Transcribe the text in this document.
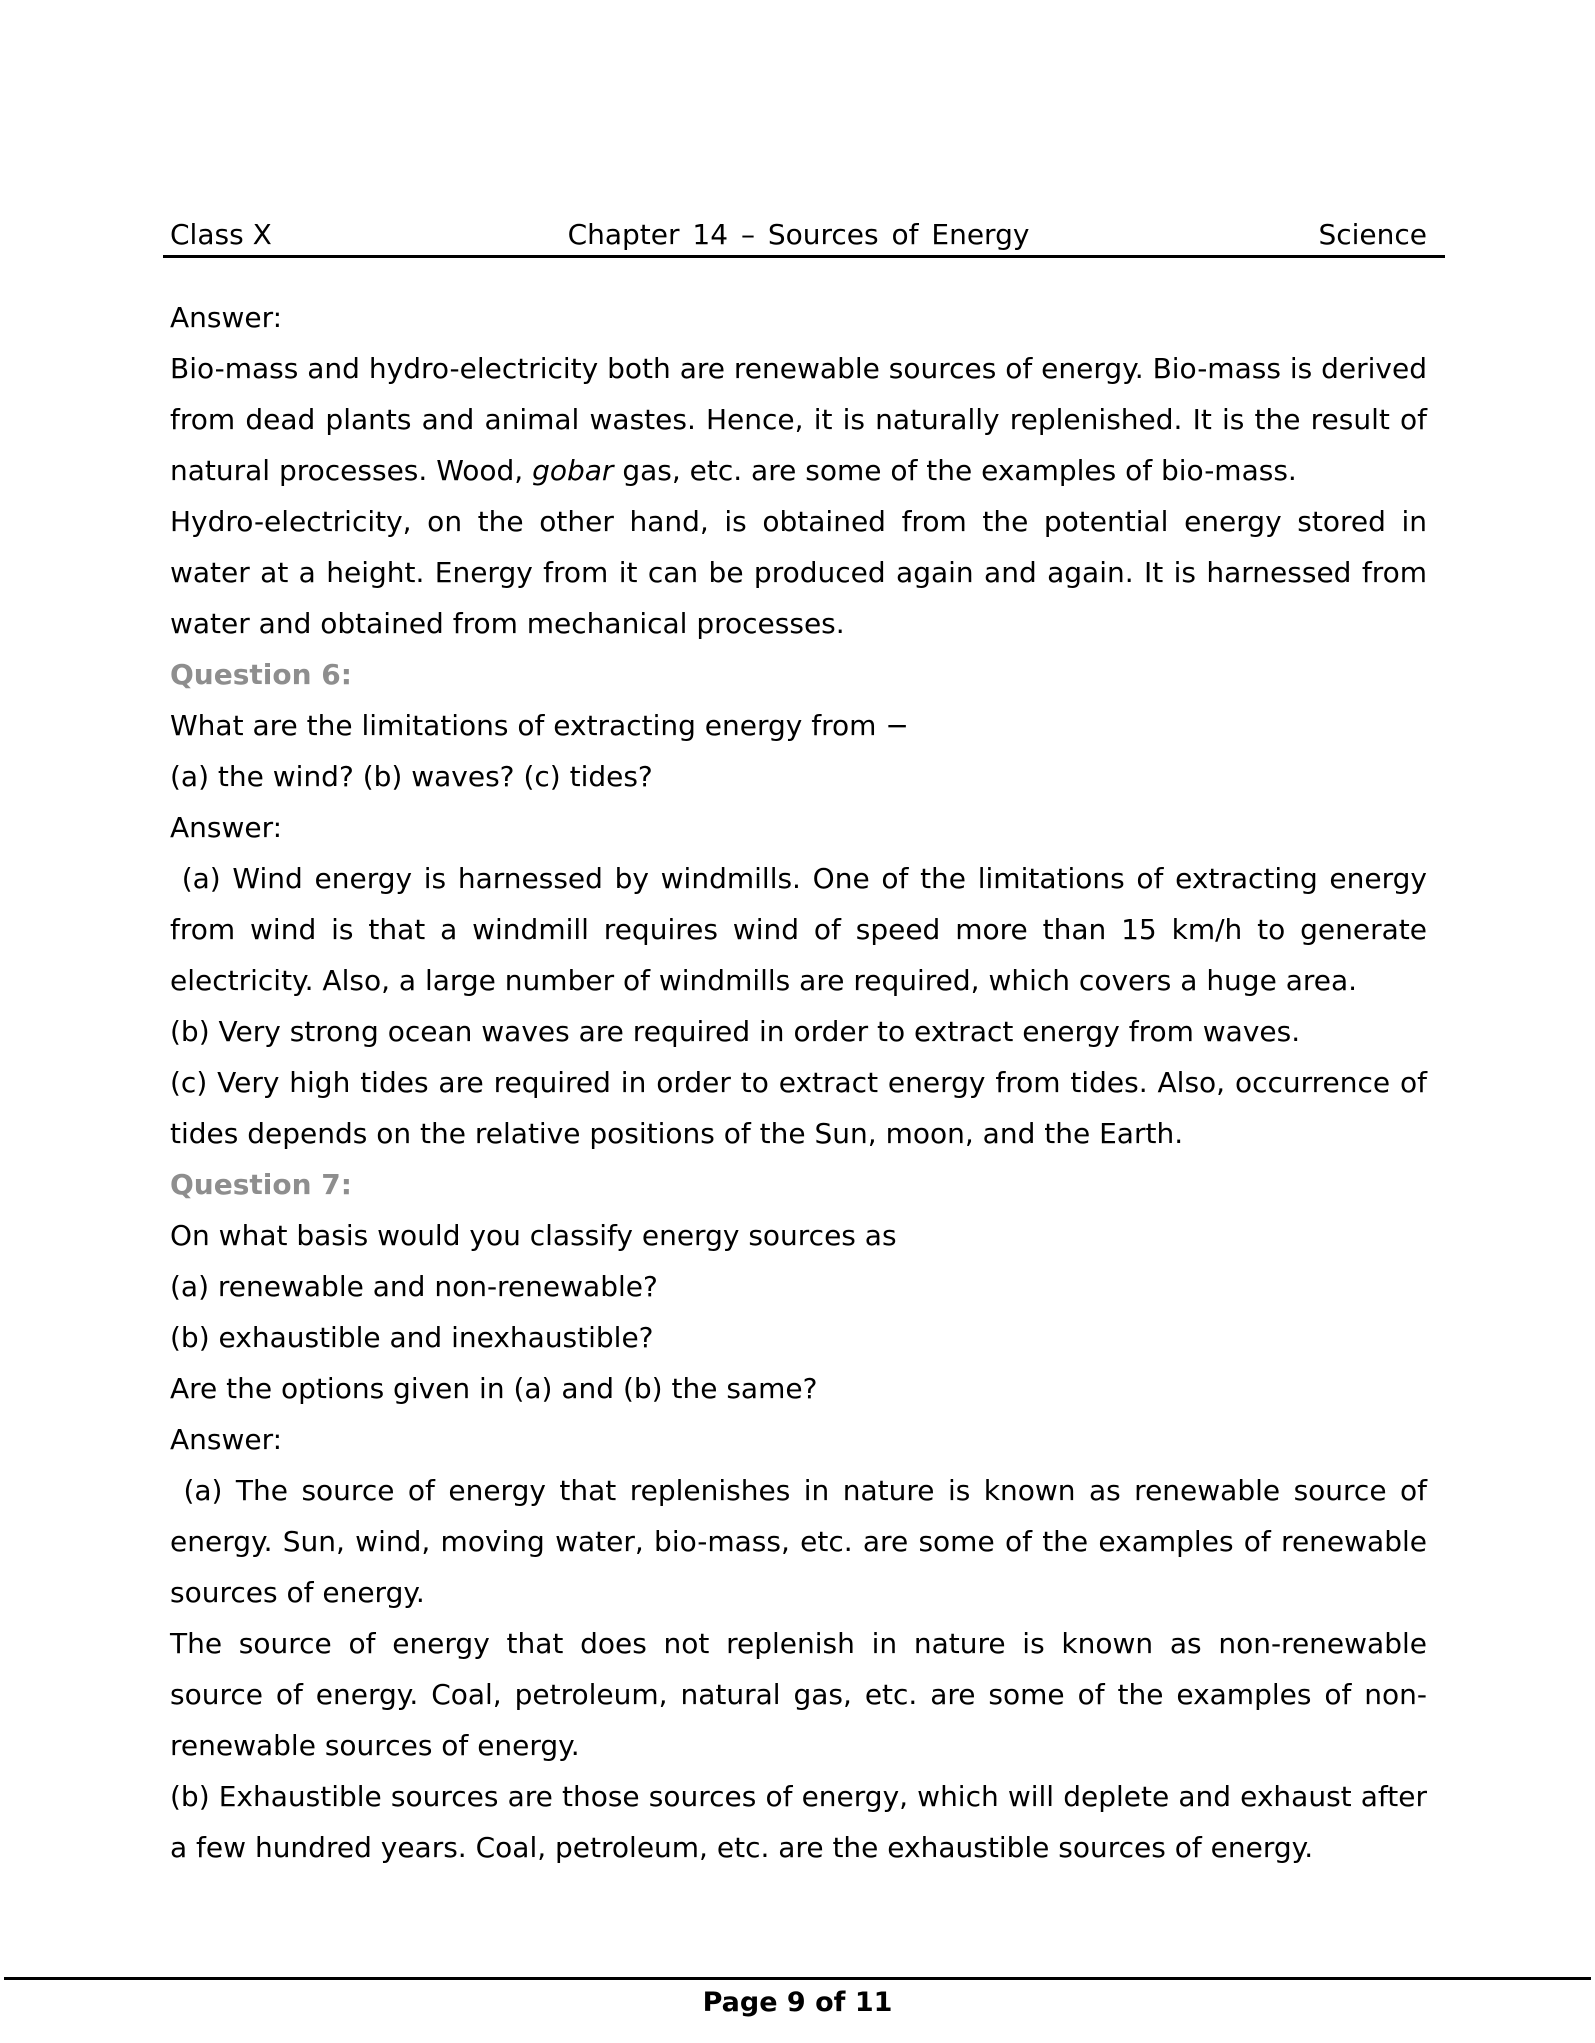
Class X	Chapter 14 – Sources of Energy	Science

Answer:

Bio-mass and hydro-electricity both are renewable sources of energy. Bio-mass is derived from dead plants and animal wastes. Hence, it is naturally replenished. It is the result of natural processes. Wood, gobar gas, etc. are some of the examples of bio-mass.

Hydro-electricity, on the other hand, is obtained from the potential energy stored in water at a height. Energy from it can be produced again and again. It is harnessed from water and obtained from mechanical processes.

Question 6:

What are the limitations of extracting energy from −

(a) the wind? (b) waves? (c) tides?

Answer:

(a) Wind energy is harnessed by windmills. One of the limitations of extracting energy from wind is that a windmill requires wind of speed more than 15 km/h to generate electricity. Also, a large number of windmills are required, which covers a huge area.

(b) Very strong ocean waves are required in order to extract energy from waves.

(c) Very high tides are required in order to extract energy from tides. Also, occurrence of tides depends on the relative positions of the Sun, moon, and the Earth.

Question 7:

On what basis would you classify energy sources as

(a) renewable and non-renewable?

(b) exhaustible and inexhaustible?

Are the options given in (a) and (b) the same?

Answer:

(a) The source of energy that replenishes in nature is known as renewable source of energy. Sun, wind, moving water, bio-mass, etc. are some of the examples of renewable sources of energy.

The source of energy that does not replenish in nature is known as non-renewable source of energy. Coal, petroleum, natural gas, etc. are some of the examples of non-renewable sources of energy.

(b) Exhaustible sources are those sources of energy, which will deplete and exhaust after a few hundred years. Coal, petroleum, etc. are the exhaustible sources of energy.

Page 9 of 11
